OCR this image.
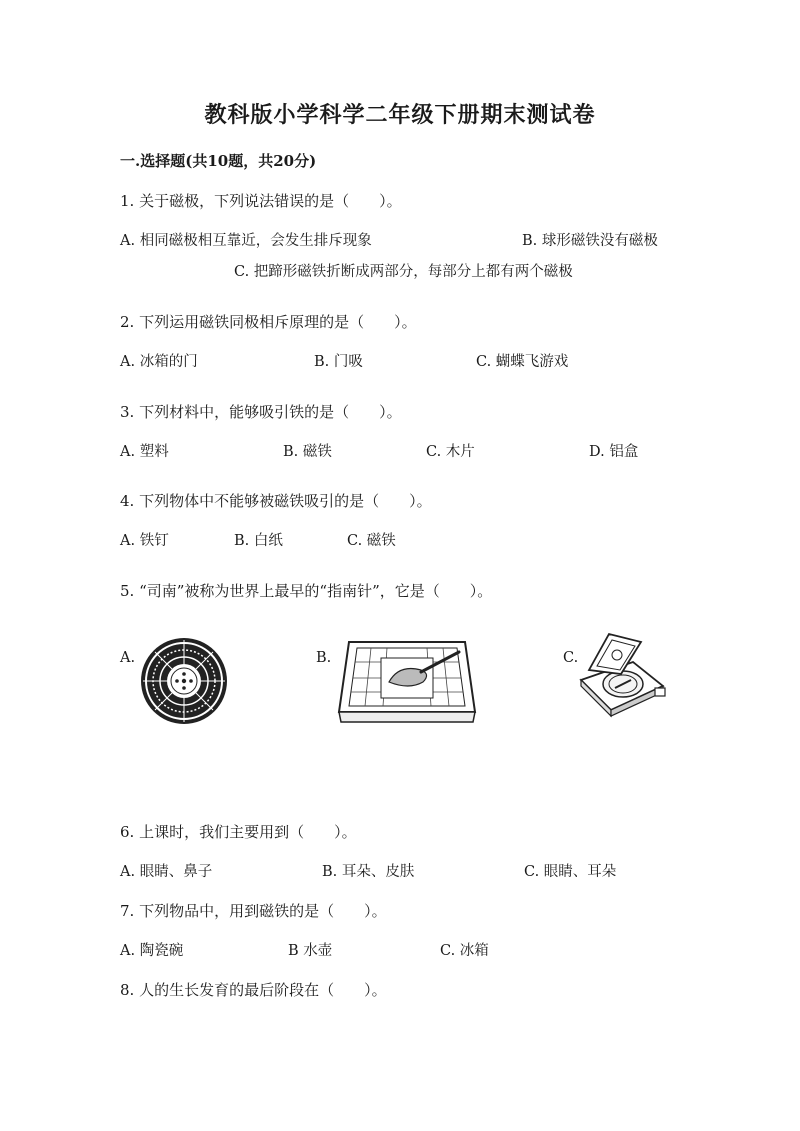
教科版小学科学二年级下册期末测试卷
一.选择题(共10题，共20分)
1. 关于磁极，下列说法错误的是（　　）。
A. 相同磁极相互靠近，会发生排斥现象	B. 球形磁铁没有磁极
C. 把蹄形磁铁折断成两部分，每部分上都有两个磁极
2. 下列运用磁铁同极相斥原理的是（　　）。
A. 冰箱的门	B. 门吸	C. 蝴蝶飞游戏
3. 下列材料中，能够吸引铁的是（　　）。
A. 塑料	B. 磁铁	C. 木片	D. 铝盒
4. 下列物体中不能够被磁铁吸引的是（　　）。
A. 铁钉	B. 白纸	C. 磁铁
5. “司南”被称为世界上最早的“指南针”，它是（　　）。
A.	B.	C.
6. 上课时，我们主要用到（　　）。
A. 眼睛、鼻子	B. 耳朵、皮肤	C. 眼睛、耳朵
7. 下列物品中，用到磁铁的是（　　）。
A. 陶瓷碗	B 水壶	C. 冰箱
8. 人的生长发育的最后阶段在（　　）。
